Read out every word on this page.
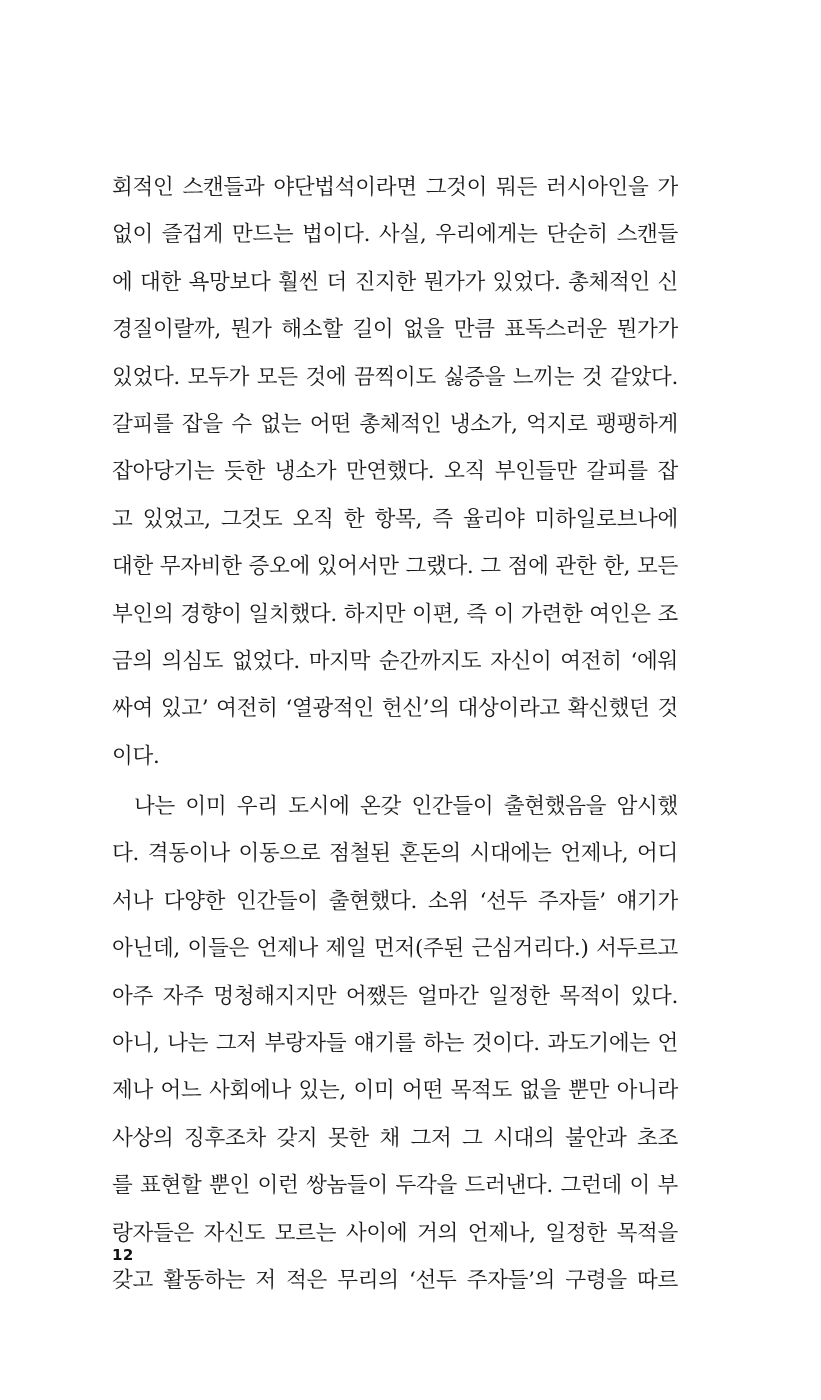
회적인 스캔들과 야단법석이라면 그것이 뭐든 러시아인을 가
없이 즐겁게 만드는 법이다. 사실, 우리에게는 단순히 스캔들
에 대한 욕망보다 훨씬 더 진지한 뭔가가 있었다. 총체적인 신
경질이랄까, 뭔가 해소할 길이 없을 만큼 표독스러운 뭔가가
있었다. 모두가 모든 것에 끔찍이도 싫증을 느끼는 것 같았다.
갈피를 잡을 수 없는 어떤 총체적인 냉소가, 억지로 팽팽하게
잡아당기는 듯한 냉소가 만연했다. 오직 부인들만 갈피를 잡
고 있었고, 그것도 오직 한 항목, 즉 율리야 미하일로브나에
대한 무자비한 증오에 있어서만 그랬다. 그 점에 관한 한, 모든
부인의 경향이 일치했다. 하지만 이편, 즉 이 가련한 여인은 조
금의 의심도 없었다. 마지막 순간까지도 자신이 여전히 ‘에워
싸여 있고’ 여전히 ‘열광적인 헌신’의 대상이라고 확신했던 것
이다.
나는 이미 우리 도시에 온갖 인간들이 출현했음을 암시했
다. 격동이나 이동으로 점철된 혼돈의 시대에는 언제나, 어디
서나 다양한 인간들이 출현했다. 소위 ‘선두 주자들’ 얘기가
아닌데, 이들은 언제나 제일 먼저(주된 근심거리다.) 서두르고
아주 자주 멍청해지지만 어쨌든 얼마간 일정한 목적이 있다.
아니, 나는 그저 부랑자들 얘기를 하는 것이다. 과도기에는 언
제나 어느 사회에나 있는, 이미 어떤 목적도 없을 뿐만 아니라
사상의 징후조차 갖지 못한 채 그저 그 시대의 불안과 초조
를 표현할 뿐인 이런 쌍놈들이 두각을 드러낸다. 그런데 이 부
랑자들은 자신도 모르는 사이에 거의 언제나, 일정한 목적을
갖고 활동하는 저 적은 무리의 ‘선두 주자들’의 구령을 따르
12
